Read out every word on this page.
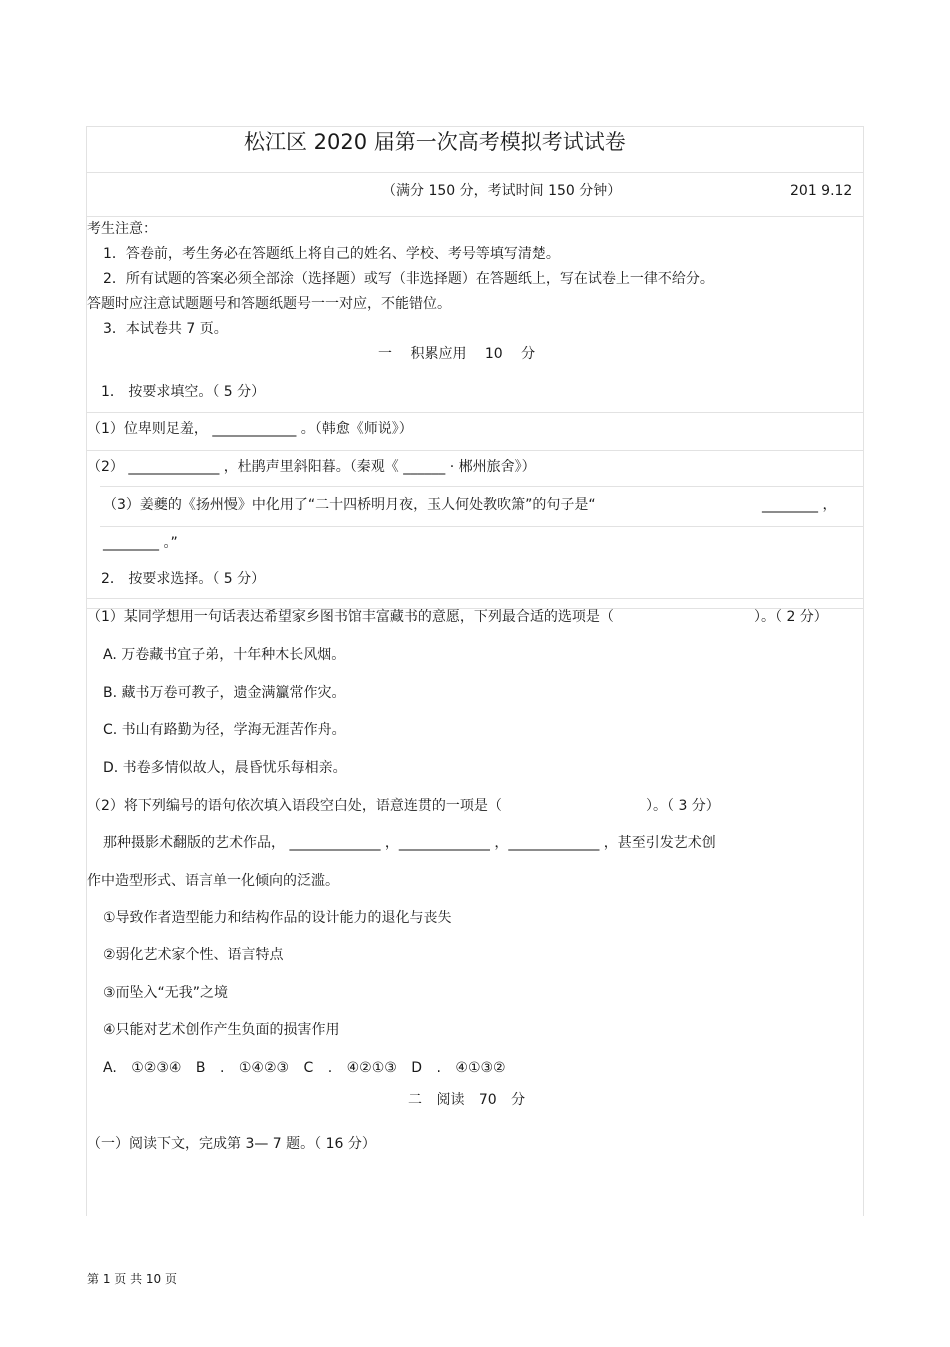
松江区 2020 届第一次高考模拟考试试卷
（满分 150 分，考试时间 150 分钟）	201 9.12
考生注意：
1．答卷前，考生务必在答题纸上将自己的姓名、学校、考号等填写清楚。
2．所有试题的答案必须全部涂（选择题）或写（非选择题）在答题纸上，写在试卷上一律不给分。
答题时应注意试题题号和答题纸题号一一对应，不能错位。
3．本试卷共 7 页。
一 积累应用 10 分
1． 按要求填空。（ 5 分）
（1）位卑则足羞， ____________ 。（韩愈《师说》）
（2） _____________ ，杜鹃声里斜阳暮。（秦观《 ______ · 郴州旅舍》）
（3）姜夔的《扬州慢》中化用了“二十四桥明月夜，玉人何处教吹箫”的句子是“	________ ，
________ 。”
2． 按要求选择。（ 5 分）
（1）某同学想用一句话表达希望家乡图书馆丰富藏书的意愿，下列最合适的选项是（	）。（ 2 分）
A. 万卷藏书宜子弟，十年种木长风烟。
B. 藏书万卷可教子，遗金满籯常作灾。
C. 书山有路勤为径，学海无涯苦作舟。
D. 书卷多情似故人，晨昏忧乐每相亲。
（2）将下列编号的语句依次填入语段空白处，语意连贯的一项是（	）。（ 3 分）
那种摄影术翻版的艺术作品， _____________ ，_____________ ，_____________ ，甚至引发艺术创
作中造型形式、语言单一化倾向的泛滥。
①导致作者造型能力和结构作品的设计能力的退化与丧失
②弱化艺术家个性、语言特点
③而坠入“无我”之境
④只能对艺术创作产生负面的损害作用
A. ①②③④ B . ①④②③ C . ④②①③ D . ④①③②
二 阅读 70 分
（一）阅读下文，完成第 3— 7 题。（ 16 分）
第 1 页 共 10 页
